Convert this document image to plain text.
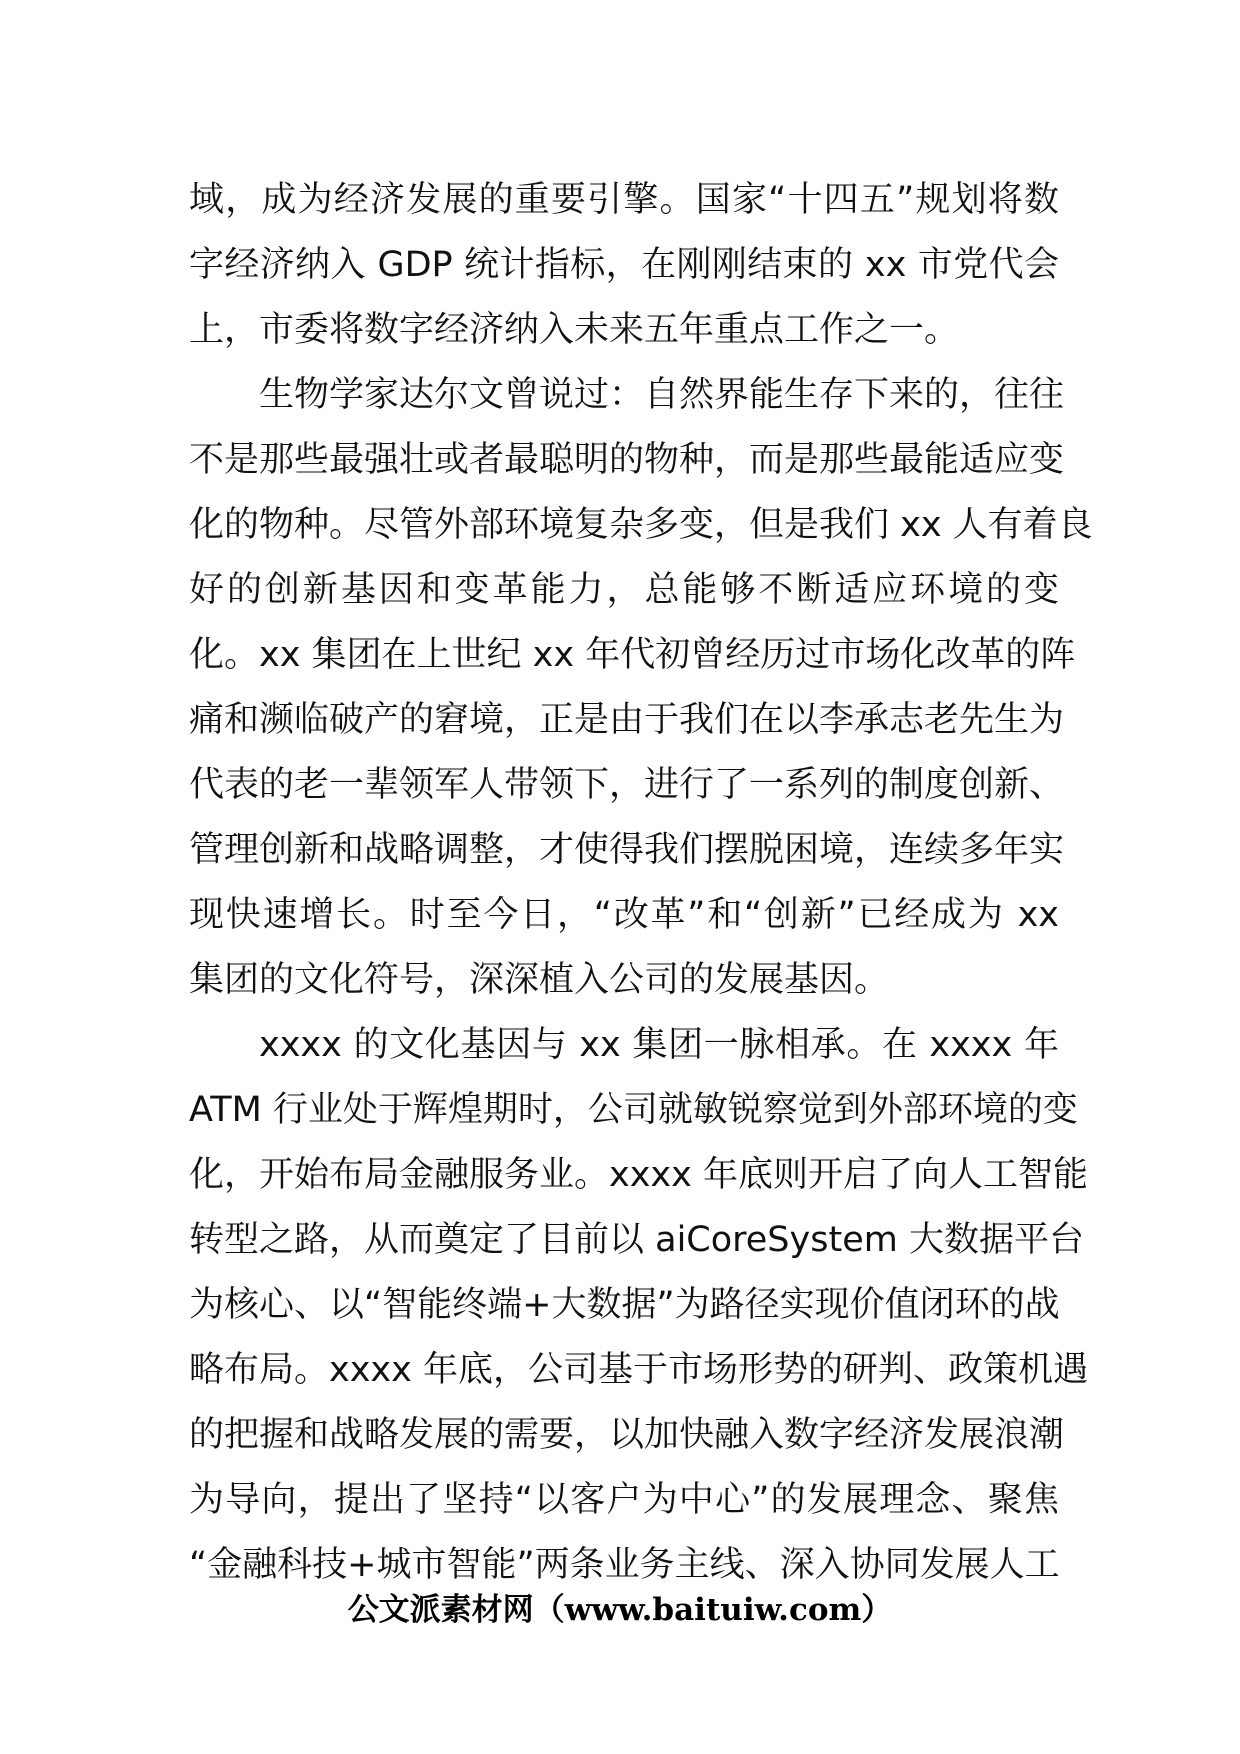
域，成为经济发展的重要引擎。国家“十四五”规划将数
字经济纳入 GDP 统计指标，在刚刚结束的 xx 市党代会
上，市委将数字经济纳入未来五年重点工作之一。
生物学家达尔文曾说过：自然界能生存下来的，往往
不是那些最强壮或者最聪明的物种，而是那些最能适应变
化的物种。尽管外部环境复杂多变，但是我们 xx 人有着良
好的创新基因和变革能力，总能够不断适应环境的变
化。xx 集团在上世纪 xx 年代初曾经历过市场化改革的阵
痛和濒临破产的窘境，正是由于我们在以李承志老先生为
代表的老一辈领军人带领下，进行了一系列的制度创新、
管理创新和战略调整，才使得我们摆脱困境，连续多年实
现快速增长。时至今日，“改革”和“创新”已经成为 xx
集团的文化符号，深深植入公司的发展基因。
xxxx 的文化基因与 xx 集团一脉相承。在 xxxx 年
ATM 行业处于辉煌期时，公司就敏锐察觉到外部环境的变
化，开始布局金融服务业。xxxx 年底则开启了向人工智能
转型之路，从而奠定了目前以 aiCoreSystem 大数据平台
为核心、以“智能终端+大数据”为路径实现价值闭环的战
略布局。xxxx 年底，公司基于市场形势的研判、政策机遇
的把握和战略发展的需要，以加快融入数字经济发展浪潮
为导向，提出了坚持“以客户为中心”的发展理念、聚焦
“金融科技+城市智能”两条业务主线、深入协同发展人工
公文派素材网（www.baituiw.com）
